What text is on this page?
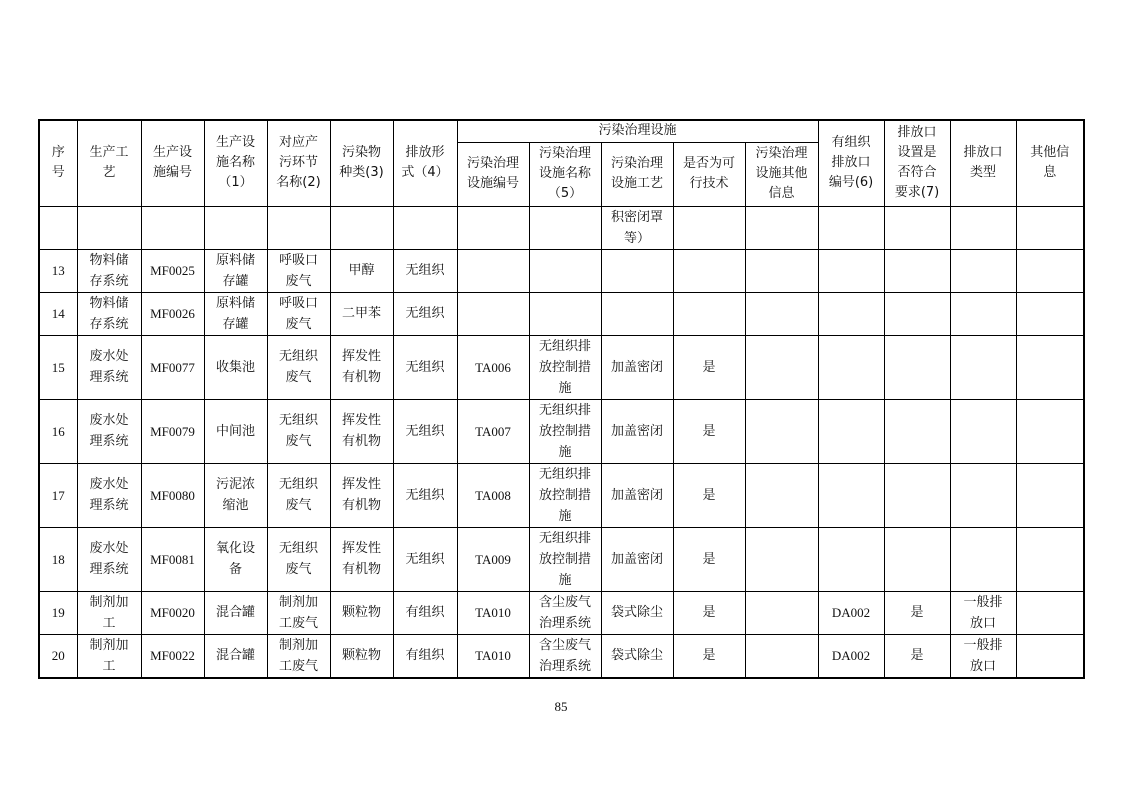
序
号	生产工
艺	生产设
施编号	生产设
施名称
（1）	对应产
污环节
名称(2)	污染物
种类(3)	排放形
式（4）	污染治理设施					有组织
排放口
编号(6)	排放口
设置是
否符合
要求(7)	排放口
类型	其他信
息
							污染治理
设施编号	污染治理
设施名称
（5）	污染治理
设施工艺	是否为可
行技术	污染治理
设施其他
信息				
									积密闭罩
等）						
13	物料储
存系统	MF0025	原料储
存罐	呼吸口
废气	甲醇	无组织									
14	物料储
存系统	MF0026	原料储
存罐	呼吸口
废气	二甲苯	无组织									
15	废水处
理系统	MF0077	收集池	无组织
废气	挥发性
有机物	无组织	TA006	无组织排
放控制措
施	加盖密闭	是					
16	废水处
理系统	MF0079	中间池	无组织
废气	挥发性
有机物	无组织	TA007	无组织排
放控制措
施	加盖密闭	是					
17	废水处
理系统	MF0080	污泥浓
缩池	无组织
废气	挥发性
有机物	无组织	TA008	无组织排
放控制措
施	加盖密闭	是					
18	废水处
理系统	MF0081	氧化设
备	无组织
废气	挥发性
有机物	无组织	TA009	无组织排
放控制措
施	加盖密闭	是					
19	制剂加
工	MF0020	混合罐	制剂加
工废气	颗粒物	有组织	TA010	含尘废气
治理系统	袋式除尘	是		DA002	是	一般排
放口	
20	制剂加
工	MF0022	混合罐	制剂加
工废气	颗粒物	有组织	TA010	含尘废气
治理系统	袋式除尘	是		DA002	是	一般排
放口	
85
